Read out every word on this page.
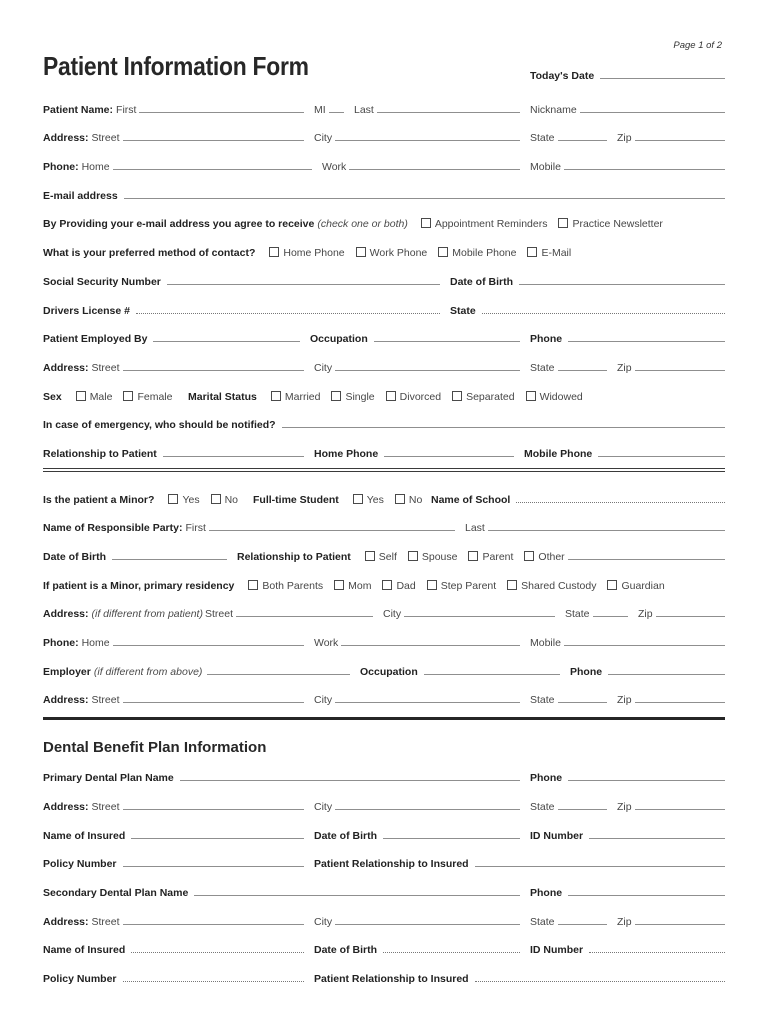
Page 1 of 2
Patient Information Form	Today's Date
Patient Name: First	MI	Last	Nickname
Address: Street	City	State	Zip
Phone: Home	Work	Mobile
E-mail address
By Providing your e-mail address you agree to receive (check one or both)	Appointment Reminders Practice Newsletter
What is your preferred method of contact?	Home Phone Work Phone Mobile Phone E-Mail
Social Security Number	Date of Birth
Drivers License #	State
Patient Employed By	Occupation	Phone
Address: Street	City	State	Zip
Sex	Male Female Marital Status	Married Single Divorced Separated Widowed
In case of emergency, who should be notified?
Relationship to Patient	Home Phone	Mobile Phone
Is the patient a Minor?	Yes No Full-time Student	Yes No Name of School
Name of Responsible Party: First	Last
Date of Birth	Relationship to Patient	Self Spouse Parent Other
If patient is a Minor, primary residency	Both Parents Mom Dad Step Parent Shared Custody Guardian
Address: (if different from patient) Street	City	State	Zip
Phone: Home	Work	Mobile
Employer (if different from above)	Occupation	Phone
Address: Street	City	State	Zip
Dental Benefit Plan Information
Primary Dental Plan Name	Phone
Address: Street	City	State	Zip
Name of Insured	Date of Birth	ID Number
Policy Number	Patient Relationship to Insured
Secondary Dental Plan Name	Phone
Address: Street	City	State	Zip
Name of Insured	Date of Birth	ID Number
Policy Number	Patient Relationship to Insured
